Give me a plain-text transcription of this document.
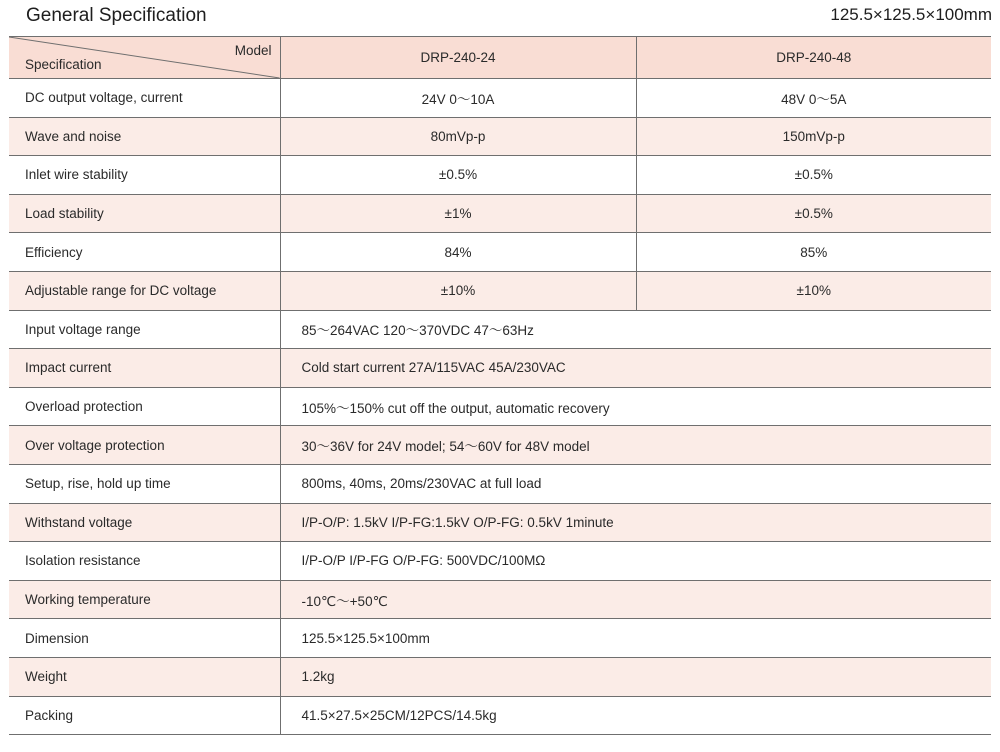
General Specification	125.5×125.5×100mm
Model
Specification	DRP-240-24	DRP-240-48
DC output voltage, current	24V 0～10A	48V 0～5A
Wave and noise	80mVp-p	150mVp-p
Inlet wire stability	±0.5%	±0.5%
Load stability	±1%	±0.5%
Efficiency	84%	85%
Adjustable range for DC voltage	±10%	±10%
Input voltage range	85～264VAC 120～370VDC 47～63Hz	
Impact current	Cold start current 27A/115VAC 45A/230VAC	
Overload protection	105%～150% cut off the output, automatic recovery	
Over voltage protection	30～36V for 24V model; 54～60V for 48V model	
Setup, rise, hold up time	800ms, 40ms, 20ms/230VAC at full load	
Withstand voltage	I/P-O/P: 1.5kV I/P-FG:1.5kV O/P-FG: 0.5kV 1minute	
Isolation resistance	I/P-O/P I/P-FG O/P-FG: 500VDC/100MΩ	
Working temperature	-10℃～+50℃	
Dimension	125.5×125.5×100mm	
Weight	1.2kg	
Packing	41.5×27.5×25CM/12PCS/14.5kg	
